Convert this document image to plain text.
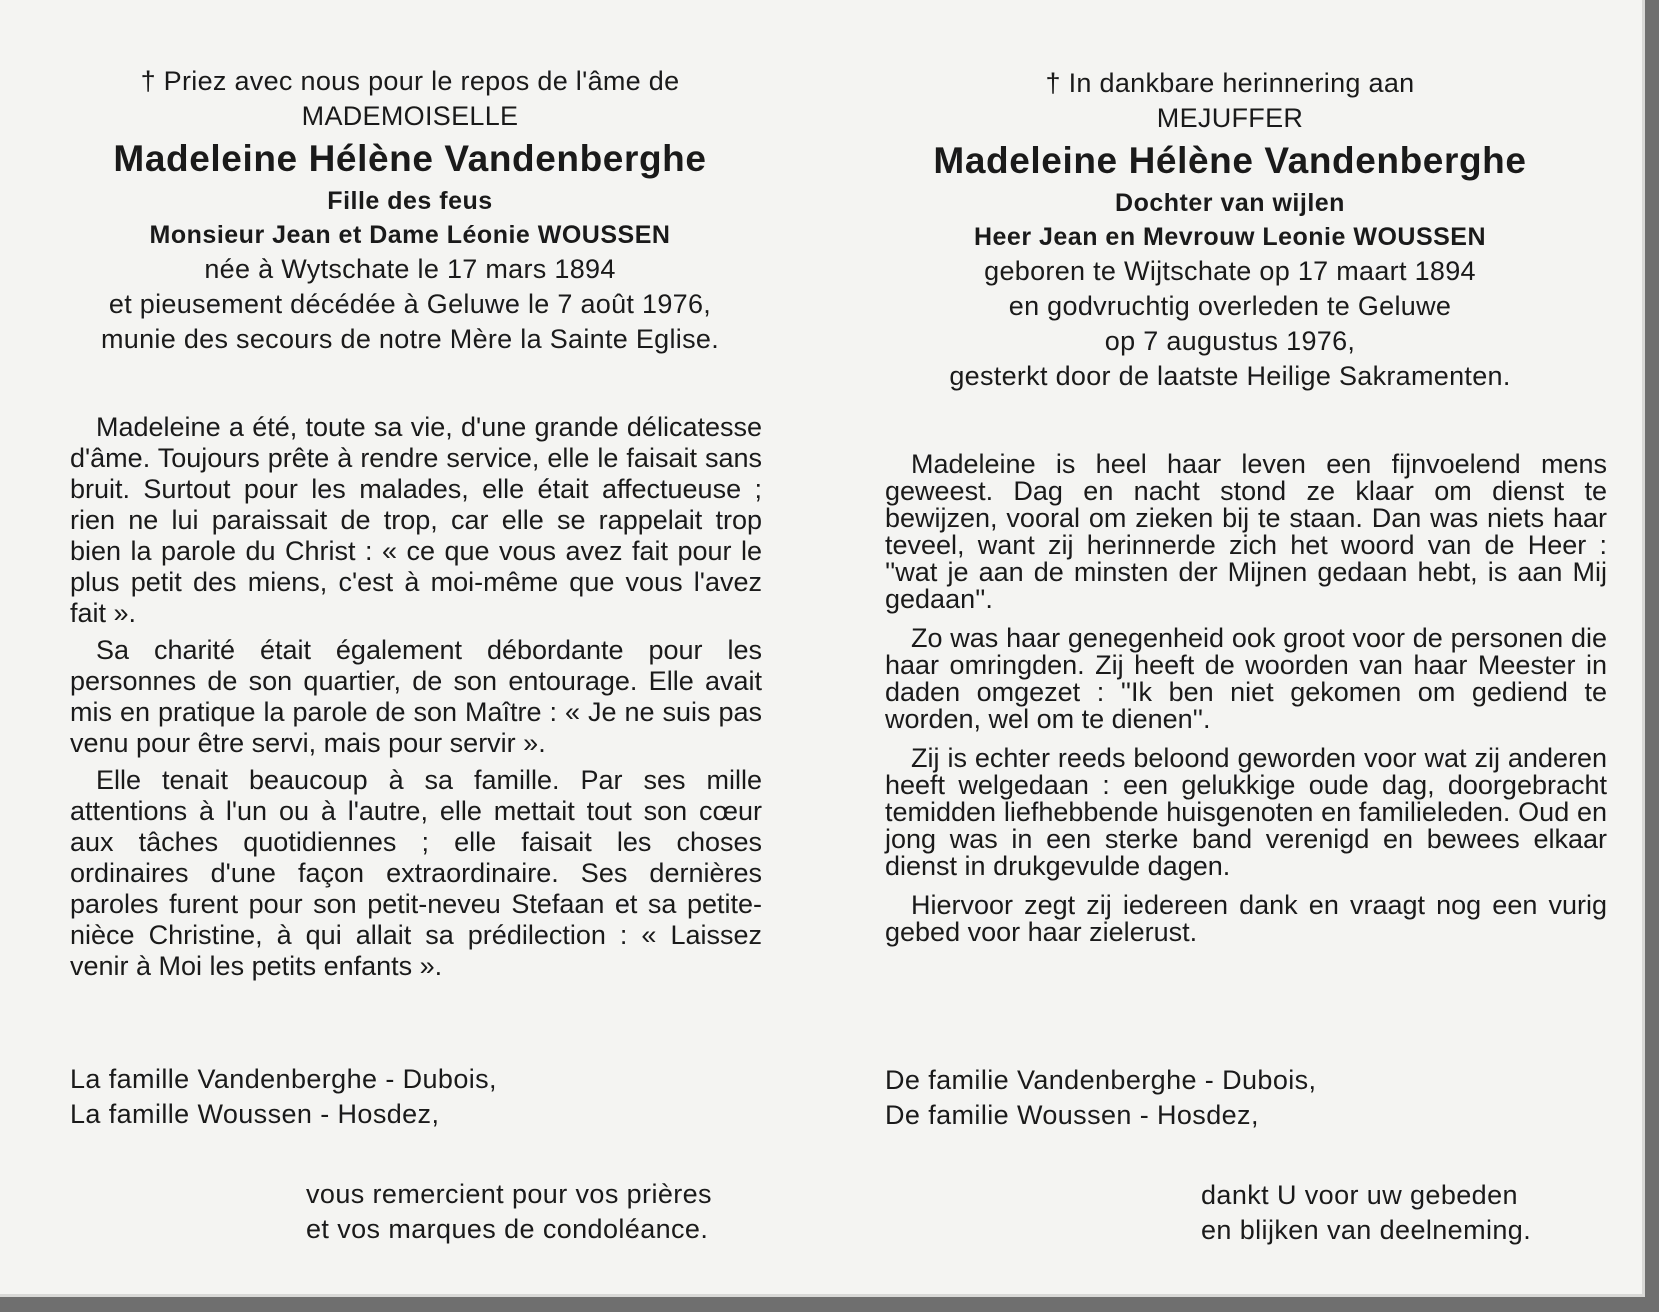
† Priez avec nous pour le repos de l'âme de
MADEMOISELLE
Madeleine Hélène Vandenberghe
Fille des feus
Monsieur Jean et Dame Léonie WOUSSEN
née à Wytschate le 17 mars 1894
et pieusement décédée à Geluwe le 7 août 1976,
munie des secours de notre Mère la Sainte Eglise.

Madeleine a été, toute sa vie, d'une grande délicatesse d'âme. Toujours prête à rendre service, elle le faisait sans bruit. Surtout pour les malades, elle était affectueuse ; rien ne lui paraissait de trop, car elle se rappelait trop bien la parole du Christ : « ce que vous avez fait pour le plus petit des miens, c'est à moi-même que vous l'avez fait ».

Sa charité était également débordante pour les personnes de son quartier, de son entourage. Elle avait mis en pratique la parole de son Maître : « Je ne suis pas venu pour être servi, mais pour servir ».

Elle tenait beaucoup à sa famille. Par ses mille attentions à l'un ou à l'autre, elle mettait tout son cœur aux tâches quotidiennes ; elle faisait les choses ordinaires d'une façon extraordinaire. Ses dernières paroles furent pour son petit-neveu Stefaan et sa petite-nièce Christine, à qui allait sa prédilection : « Laissez venir à Moi les petits enfants ».

La famille Vandenberghe - Dubois,
La famille Woussen - Hosdez,
vous remercient pour vos prières
et vos marques de condoléance.
† In dankbare herinnering aan
MEJUFFER
Madeleine Hélène Vandenberghe
Dochter van wijlen
Heer Jean en Mevrouw Leonie WOUSSEN
geboren te Wijtschate op 17 maart 1894
en godvruchtig overleden te Geluwe
op 7 augustus 1976,
gesterkt door de laatste Heilige Sakramenten.

Madeleine is heel haar leven een fijnvoelend mens geweest. Dag en nacht stond ze klaar om dienst te bewijzen, vooral om zieken bij te staan. Dan was niets haar teveel, want zij herinnerde zich het woord van de Heer : ''wat je aan de minsten der Mijnen gedaan hebt, is aan Mij gedaan''.

Zo was haar genegenheid ook groot voor de personen die haar omringden. Zij heeft de woorden van haar Meester in daden omgezet : ''Ik ben niet gekomen om gediend te worden, wel om te dienen''.

Zij is echter reeds beloond geworden voor wat zij anderen heeft welgedaan : een gelukkige oude dag, doorgebracht temidden liefhebbende huisgenoten en familieleden. Oud en jong was in een sterke band verenigd en bewees elkaar dienst in drukgevulde dagen.

Hiervoor zegt zij iedereen dank en vraagt nog een vurig gebed voor haar zielerust.

De familie Vandenberghe - Dubois,
De familie Woussen - Hosdez,
dankt U voor uw gebeden
en blijken van deelneming.
